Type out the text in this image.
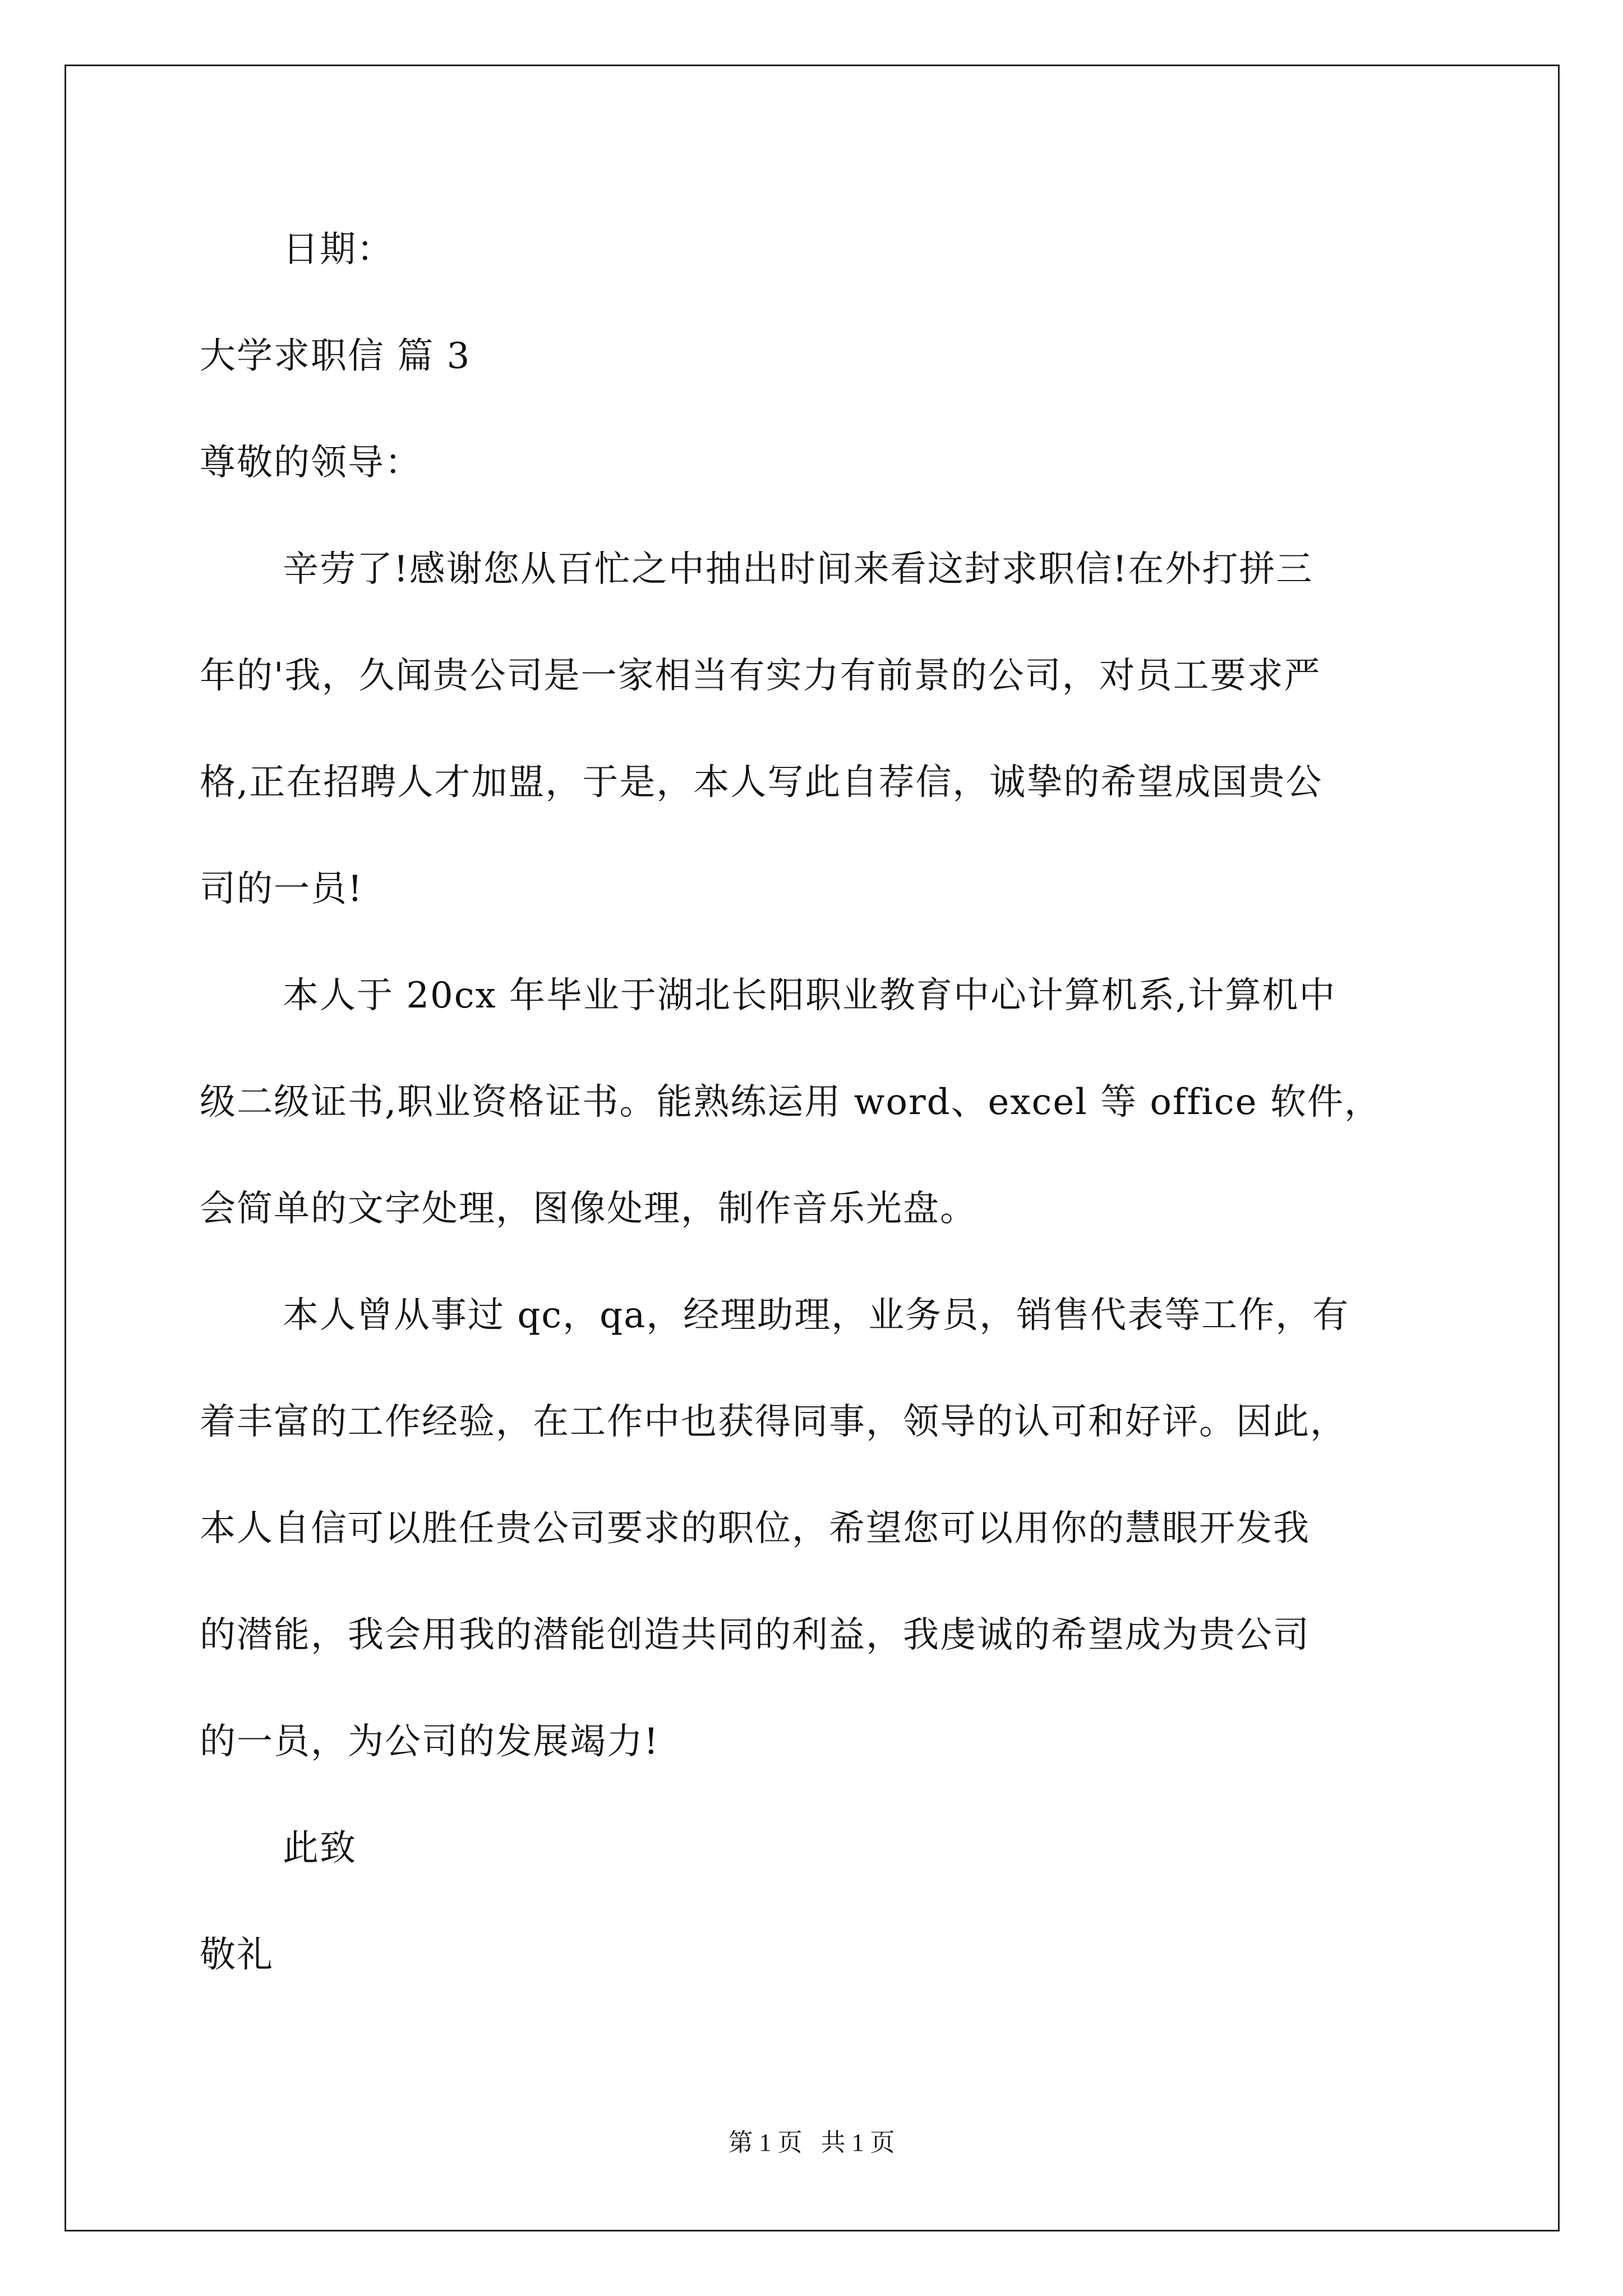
日期：
大学求职信 篇 3
尊敬的领导：
辛劳了!感谢您从百忙之中抽出时间来看这封求职信!在外打拼三
年的'我，久闻贵公司是一家相当有实力有前景的公司，对员工要求严
格,正在招聘人才加盟，于是，本人写此自荐信，诚挚的希望成国贵公
司的一员!
本人于 20cx 年毕业于湖北长阳职业教育中心计算机系,计算机中
级二级证书,职业资格证书。能熟练运用 word、excel 等 office 软件，
会简单的文字处理，图像处理，制作音乐光盘。
本人曾从事过 qc，qa，经理助理，业务员，销售代表等工作，有
着丰富的工作经验，在工作中也获得同事，领导的认可和好评。因此，
本人自信可以胜任贵公司要求的职位，希望您可以用你的慧眼开发我
的潜能，我会用我的潜能创造共同的利益，我虔诚的希望成为贵公司
的一员，为公司的发展竭力!
此致
敬礼
第 1 页   共 1 页
